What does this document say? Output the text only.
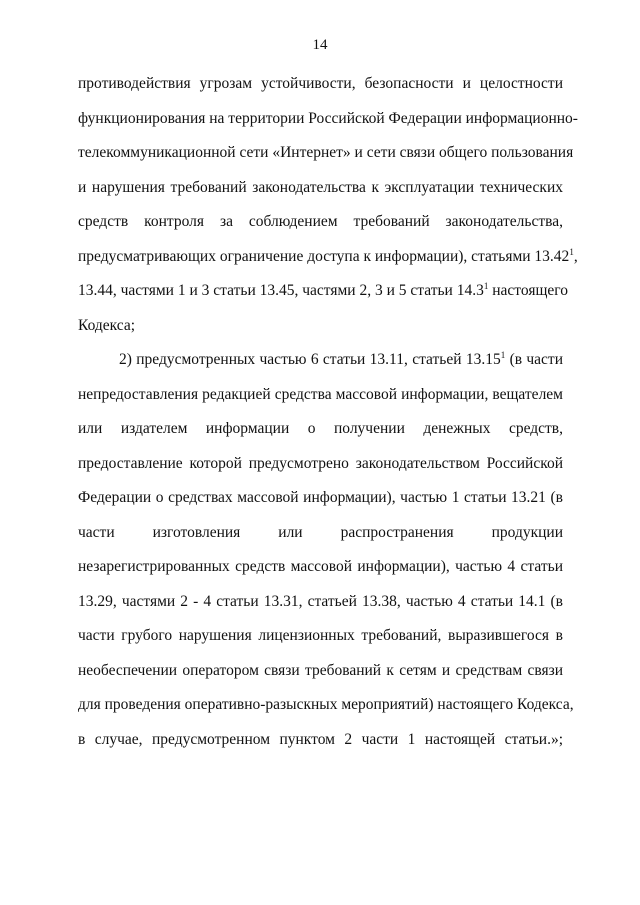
14
противодействия угрозам устойчивости, безопасности и целостности
функционирования на территории Российской Федерации информационно-
телекоммуникационной сети «Интернет» и сети связи общего пользования
и нарушения требований законодательства к эксплуатации технических
средств контроля за соблюдением требований законодательства,
предусматривающих ограничение доступа к информации), статьями 13.42$^1$,
13.44, частями 1 и 3 статьи 13.45, частями 2, 3 и 5 статьи 14.3$^1$ настоящего
Кодекса;
2) предусмотренных частью 6 статьи 13.11, статьей 13.15$^1$ (в части
непредоставления редакцией средства массовой информации, вещателем
или издателем информации о получении денежных средств,
предоставление которой предусмотрено законодательством Российской
Федерации о средствах массовой информации), частью 1 статьи 13.21 (в
части изготовления или распространения продукции
незарегистрированных средств массовой информации), частью 4 статьи
13.29, частями 2 - 4 статьи 13.31, статьей 13.38, частью 4 статьи 14.1 (в
части грубого нарушения лицензионных требований, выразившегося в
необеспечении оператором связи требований к сетям и средствам связи
для проведения оперативно-разыскных мероприятий) настоящего Кодекса,
в случае, предусмотренном пунктом 2 части 1 настоящей статьи.»;
